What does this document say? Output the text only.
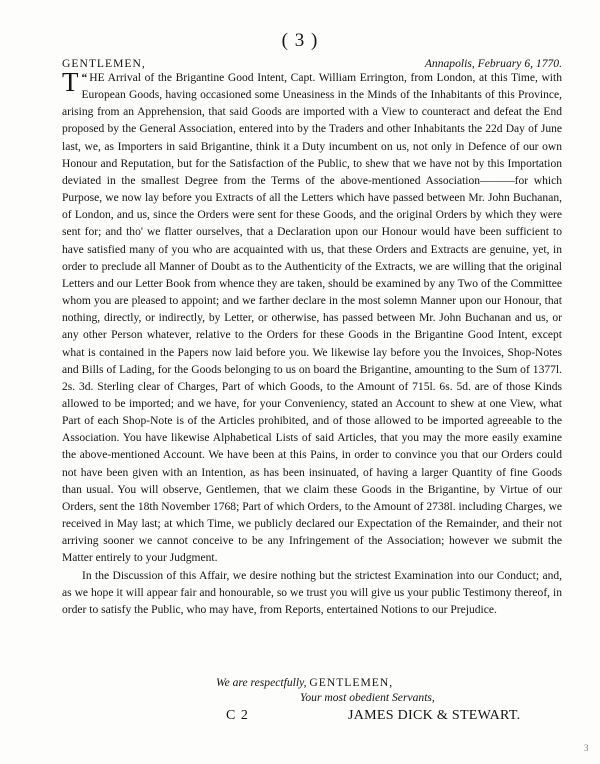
( 3 )
GENTLEMEN,	Annapolis, February 6, 1770.

“
T HE Arrival of the Brigantine Good Intent, Capt. William Errington, from London, at this Time, with European Goods, having occasioned some Uneasiness in the Minds of the Inhabitants of this Province, arising from an Apprehension, that said Goods are imported with a View to counteract and defeat the End proposed by the General Association, entered into by the Traders and other Inhabitants the 22d Day of June last, we, as Importers in said Brigantine, think it a Duty incumbent on us, not only in Defence of our own Honour and Reputation, but for the Satisfaction of the Public, to shew that we have not by this Importation deviated in the smallest Degree from the Terms of the above-mentioned Association———for which Purpose, we now lay before you Extracts of all the Letters which have passed between Mr. John Buchanan, of London, and us, since the Orders were sent for these Goods, and the original Orders by which they were sent for; and tho' we flatter ourselves, that a Declaration upon our Honour would have been sufficient to have satisfied many of you who are acquainted with us, that these Orders and Extracts are genuine, yet, in order to preclude all Manner of Doubt as to the Authenticity of the Extracts, we are willing that the original Letters and our Letter Book from whence they are taken, should be examined by any Two of the Committee whom you are pleased to appoint; and we farther declare in the most solemn Manner upon our Honour, that nothing, directly, or indirectly, by Letter, or otherwise, has passed between Mr. John Buchanan and us, or any other Person whatever, relative to the Orders for these Goods in the Brigantine Good Intent, except what is contained in the Papers now laid before you. We likewise lay before you the Invoices, Shop-Notes and Bills of Lading, for the Goods belonging to us on board the Brigantine, amounting to the Sum of 1377l. 2s. 3d. Sterling clear of Charges, Part of which Goods, to the Amount of 715l. 6s. 5d. are of those Kinds allowed to be imported; and we have, for your Conveniency, stated an Account to shew at one View, what Part of each Shop-Note is of the Articles prohibited, and of those allowed to be imported agreeable to the Association. You have likewise Alphabetical Lists of said Articles, that you may the more easily examine the above-mentioned Account. We have been at this Pains, in order to convince you that our Orders could not have been given with an Intention, as has been insinuated, of having a larger Quantity of fine Goods than usual. You will observe, Gentlemen, that we claim these Goods in the Brigantine, by Virtue of our Orders, sent the 18th November 1768; Part of which Orders, to the Amount of 2738l. including Charges, we received in May last; at which Time, we publicly declared our Expectation of the Remainder, and their not arriving sooner we cannot conceive to be any Infringement of the Association; however we submit the Matter entirely to your Judgment.

In the Discussion of this Affair, we desire nothing but the strictest Examination into our Conduct; and, as we hope it will appear fair and honourable, so we trust you will give us your public Testimony thereof, in order to satisfy the Public, who may have, from Reports, entertained Notions to our Prejudice.

We are respectfully, GENTLEMEN,
Your most obedient Servants,
C 2	JAMES DICK & STEWART.
3
